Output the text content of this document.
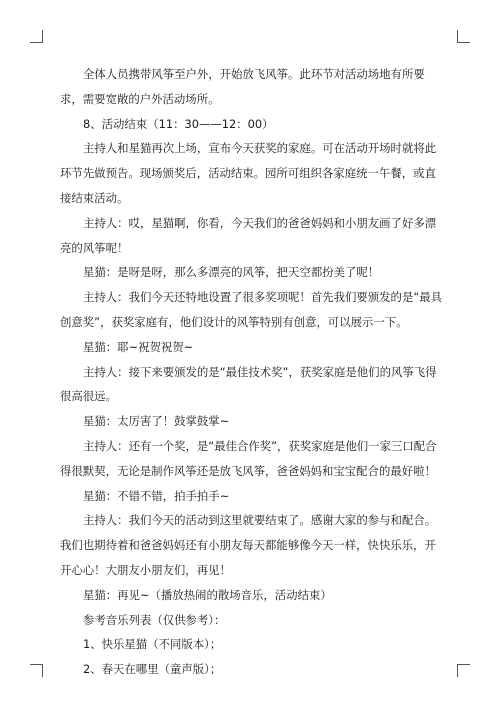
全体人员携带风筝至户外，开始放飞风筝。此环节对活动场地有所要求，需要宽敞的户外活动场所。

8、活动结束（11：30——12：00）

主持人和星猫再次上场，宣布今天获奖的家庭。可在活动开场时就将此环节先做预告。现场颁奖后，活动结束。园所可组织各家庭统一午餐，或直接结束活动。

主持人：哎，星猫啊，你看，今天我们的爸爸妈妈和小朋友画了好多漂亮的风筝呢！

星猫：是呀是呀，那么多漂亮的风筝，把天空都扮美了呢！

主持人：我们今天还特地设置了很多奖项呢！首先我们要颁发的是“最具创意奖”，获奖家庭有，他们设计的风筝特别有创意，可以展示一下。

星猫：耶~祝贺祝贺~

主持人：接下来要颁发的是“最佳技术奖”，获奖家庭是他们的风筝飞得很高很远。

星猫：太厉害了！鼓掌鼓掌~

主持人：还有一个奖，是“最佳合作奖”，获奖家庭是他们一家三口配合得很默契，无论是制作风筝还是放飞风筝，爸爸妈妈和宝宝配合的最好啦！

星猫：不错不错，拍手拍手~

主持人：我们今天的活动到这里就要结束了。感谢大家的参与和配合。我们也期待着和爸爸妈妈还有小朋友每天都能够像今天一样，快快乐乐，开开心心！大朋友小朋友们，再见！

星猫：再见~（播放热闹的散场音乐，活动结束）

参考音乐列表（仅供参考）：

1、快乐星猫（不同版本）；

2、春天在哪里（童声版）；
